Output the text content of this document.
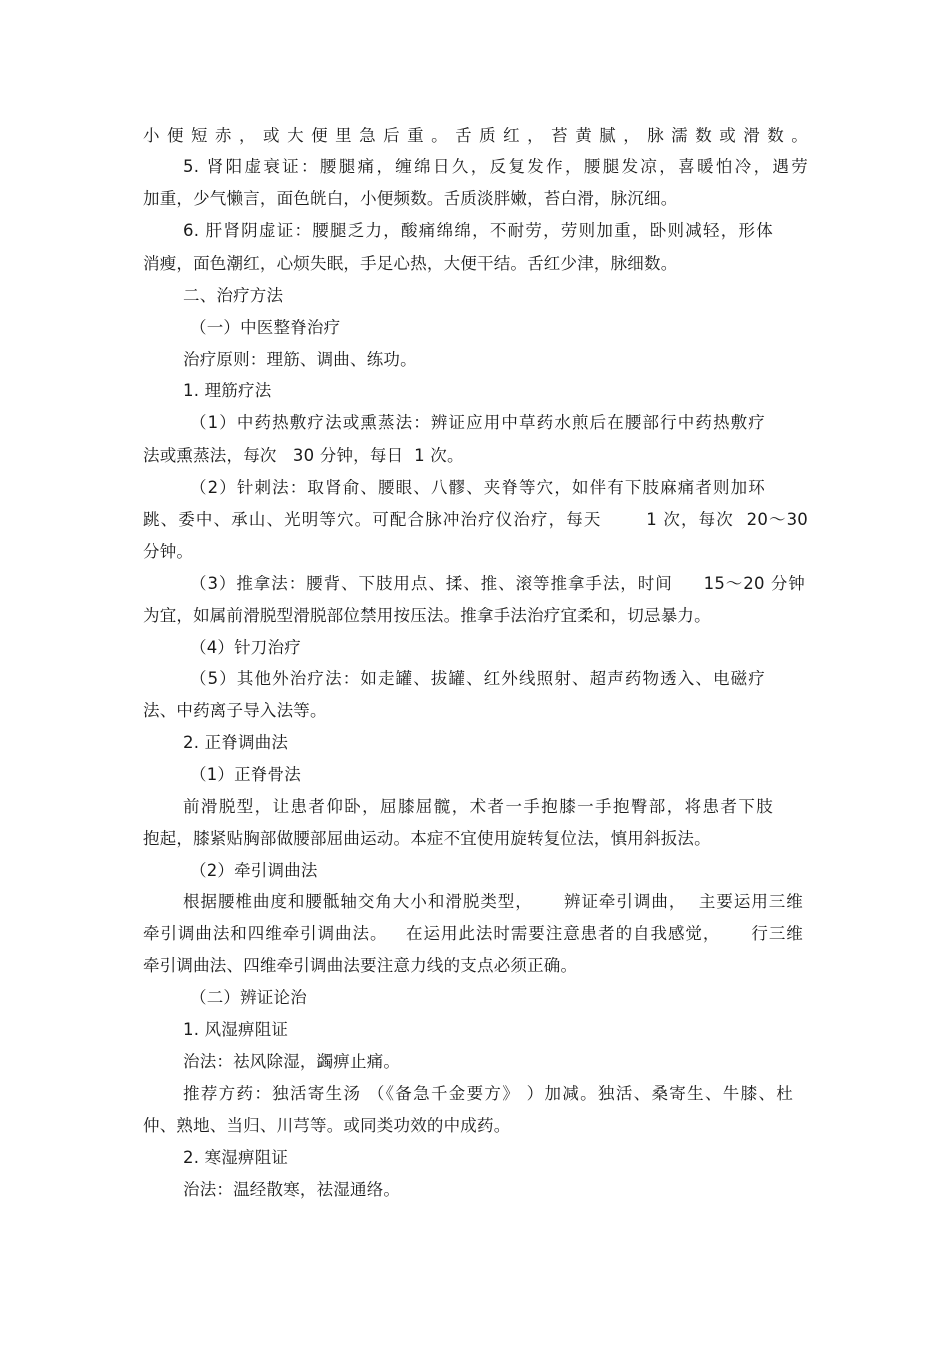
小便短赤，或大便里急后重。舌质红，苔黄腻，脉濡数或滑数。
5. 肾阳虚衰证：腰腿痛，缠绵日久，反复发作，腰腿发凉，喜暖怕冷，遇劳
加重，少气懒言，面色㿠白，小便频数。舌质淡胖嫩，苔白滑，脉沉细。
6. 肝肾阴虚证：腰腿乏力，酸痛绵绵，不耐劳，劳则加重，卧则减轻，形体
消瘦，面色潮红，心烦失眠，手足心热，大便干结。舌红少津，脉细数。
二、治疗方法
（一）中医整脊治疗
治疗原则：理筋、调曲、练功。
1. 理筋疗法
（1）中药热敷疗法或熏蒸法：辨证应用中草药水煎后在腰部行中药热敷疗
法或熏蒸法，每次   30 分钟，每日  1 次。
（2）针刺法：取肾俞、腰眼、八髎、夹脊等穴，如伴有下肢麻痛者则加环
跳、委中、承山、光明等穴。可配合脉冲治疗仪治疗，每天       1 次，每次  20～30
分钟。
（3）推拿法：腰背、下肢用点、揉、推、滚等推拿手法，时间     15～20 分钟
为宜，如属前滑脱型滑脱部位禁用按压法。推拿手法治疗宜柔和，切忌暴力。
（4）针刀治疗
（5）其他外治疗法：如走罐、拔罐、红外线照射、超声药物透入、电磁疗
法、中药离子导入法等。
2. 正脊调曲法
（1）正脊骨法
前滑脱型，让患者仰卧，屈膝屈髋，术者一手抱膝一手抱臀部，将患者下肢
抱起，膝紧贴胸部做腰部屈曲运动。本症不宜使用旋转复位法，慎用斜扳法。
（2）牵引调曲法
根据腰椎曲度和腰骶轴交角大小和滑脱类型，     辨证牵引调曲，  主要运用三维
牵引调曲法和四维牵引调曲法。   在运用此法时需要注意患者的自我感觉，     行三维
牵引调曲法、四维牵引调曲法要注意力线的支点必须正确。
（二）辨证论治
1. 风湿痹阻证
治法：祛风除湿，蠲痹止痛。
推荐方药：独活寄生汤 （《备急千金要方》 ）加减。独活、桑寄生、牛膝、杜
仲、熟地、当归、川芎等。或同类功效的中成药。
2. 寒湿痹阻证
治法：温经散寒，祛湿通络。
